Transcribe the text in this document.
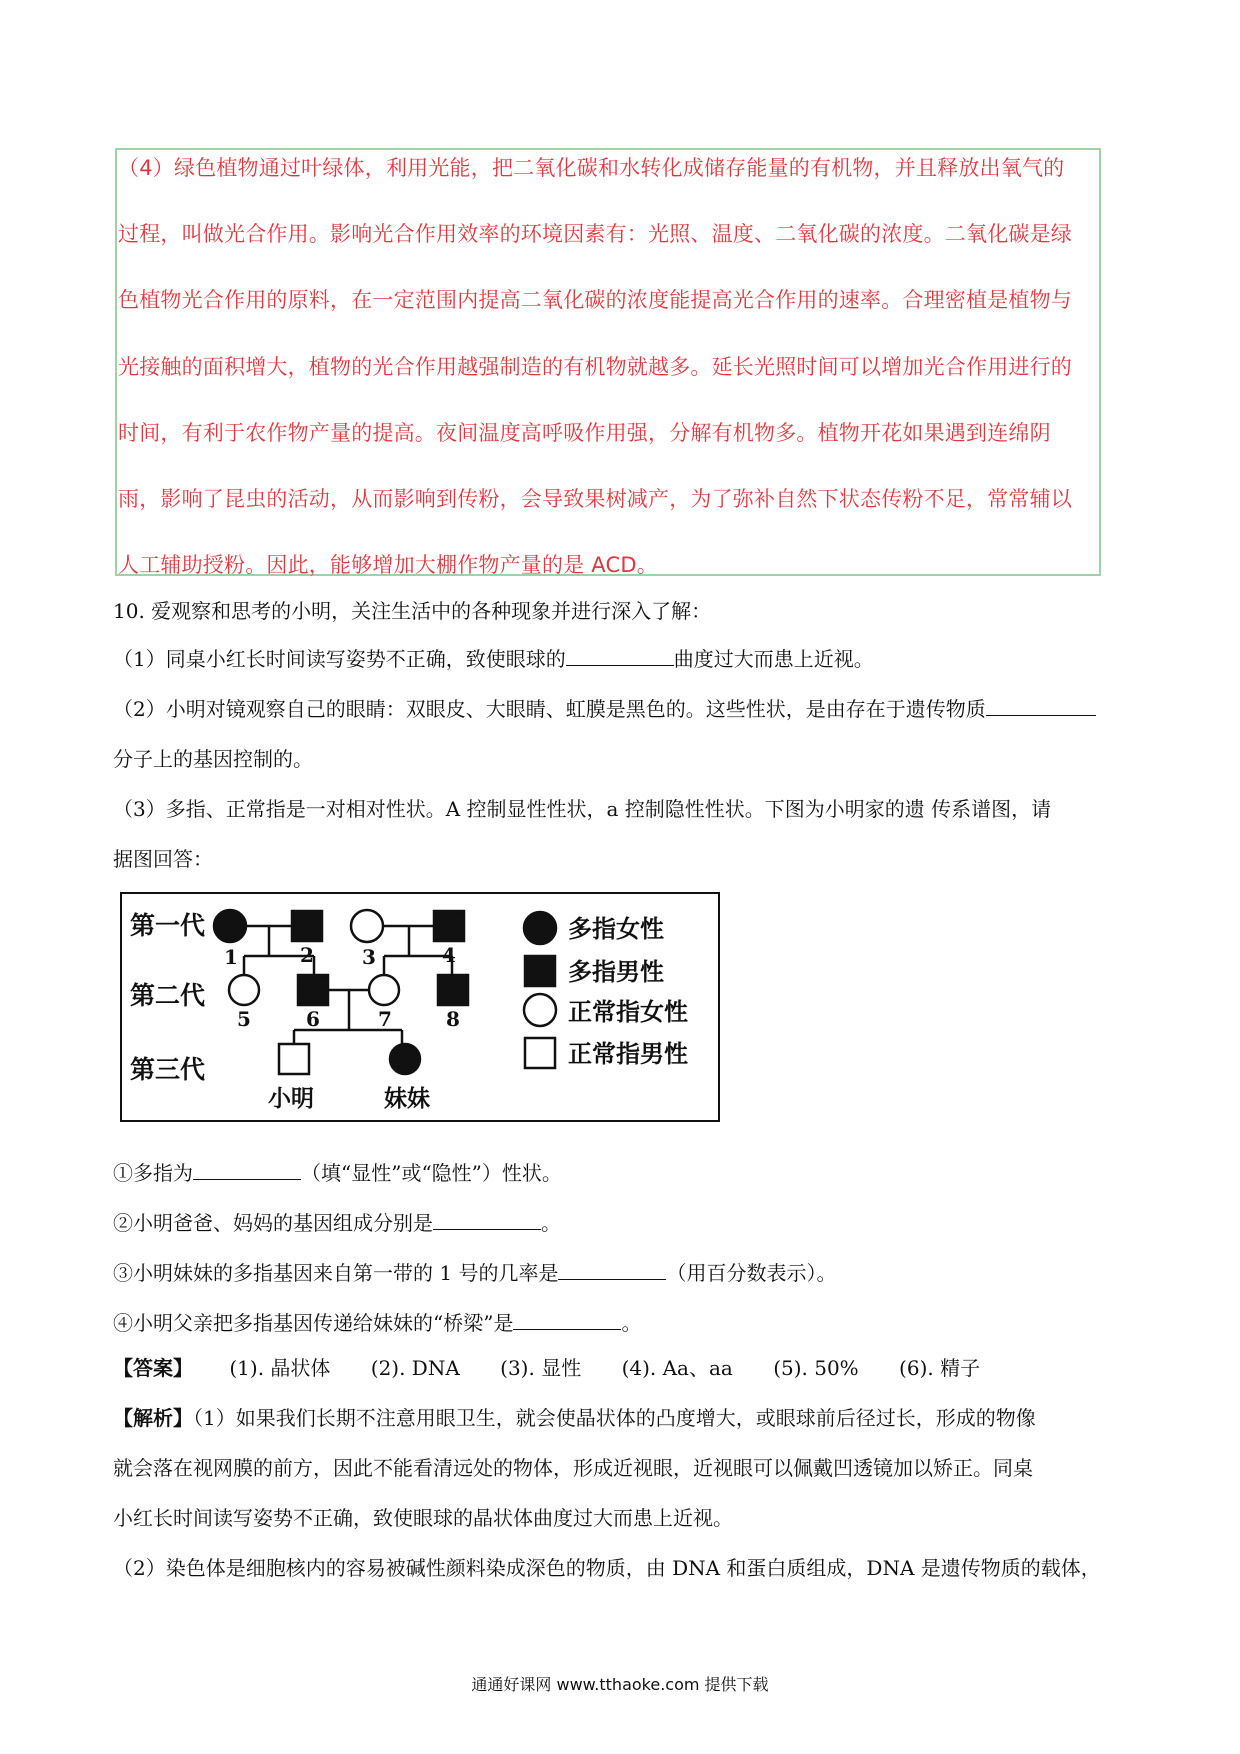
（4）绿色植物通过叶绿体，利用光能，把二氧化碳和水转化成储存能量的有机物，并且释放出氧气的
过程，叫做光合作用。影响光合作用效率的环境因素有：光照、温度、二氧化碳的浓度。二氧化碳是绿
色植物光合作用的原料，在一定范围内提高二氧化碳的浓度能提高光合作用的速率。合理密植是植物与
光接触的面积增大，植物的光合作用越强制造的有机物就越多。延长光照时间可以增加光合作用进行的
时间，有利于农作物产量的提高。夜间温度高呼吸作用强，分解有机物多。植物开花如果遇到连绵阴
雨，影响了昆虫的活动，从而影响到传粉，会导致果树减产，为了弥补自然下状态传粉不足，常常辅以
人工辅助授粉。因此，能够增加大棚作物产量的是 ACD。
10. 爱观察和思考的小明，关注生活中的各种现象并进行深入了解：
（1）同桌小红长时间读写姿势不正确，致使眼球的	曲度过大而患上近视。
（2）小明对镜观察自己的眼睛：双眼皮、大眼睛、虹膜是黑色的。这些性状，是由存在于遗传物质
分子上的基因控制的。
（3）多指、正常指是一对相对性状。A 控制显性性状，a 控制隐性性状。下图为小明家的遗 传系谱图，请
据图回答：
第一代
第二代
第三代
1	2 3	4
5	6	7	8
小明	妹妹
多指女性
多指男性
正常指女性
正常指男性
①多指为	（填“显性”或“隐性”）性状。
②小明爸爸、妈妈的基因组成分别是	。
③小明妹妹的多指基因来自第一带的 1 号的几率是	（用百分数表示）。
④小明父亲把多指基因传递给妹妹的“桥梁”是	。
【答案】 (1). 晶状体 (2). DNA (3). 显性 (4). Aa、aa (5). 50% (6). 精子
【解析】（1）如果我们长期不注意用眼卫生，就会使晶状体的凸度增大，或眼球前后径过长，形成的物像
就会落在视网膜的前方，因此不能看清远处的物体，形成近视眼，近视眼可以佩戴凹透镜加以矫正。同桌
小红长时间读写姿势不正确，致使眼球的晶状体曲度过大而患上近视。
（2）染色体是细胞核内的容易被碱性颜料染成深色的物质，由 DNA 和蛋白质组成，DNA 是遗传物质的载体，
通通好课网 www.tthaoke.com 提供下载
